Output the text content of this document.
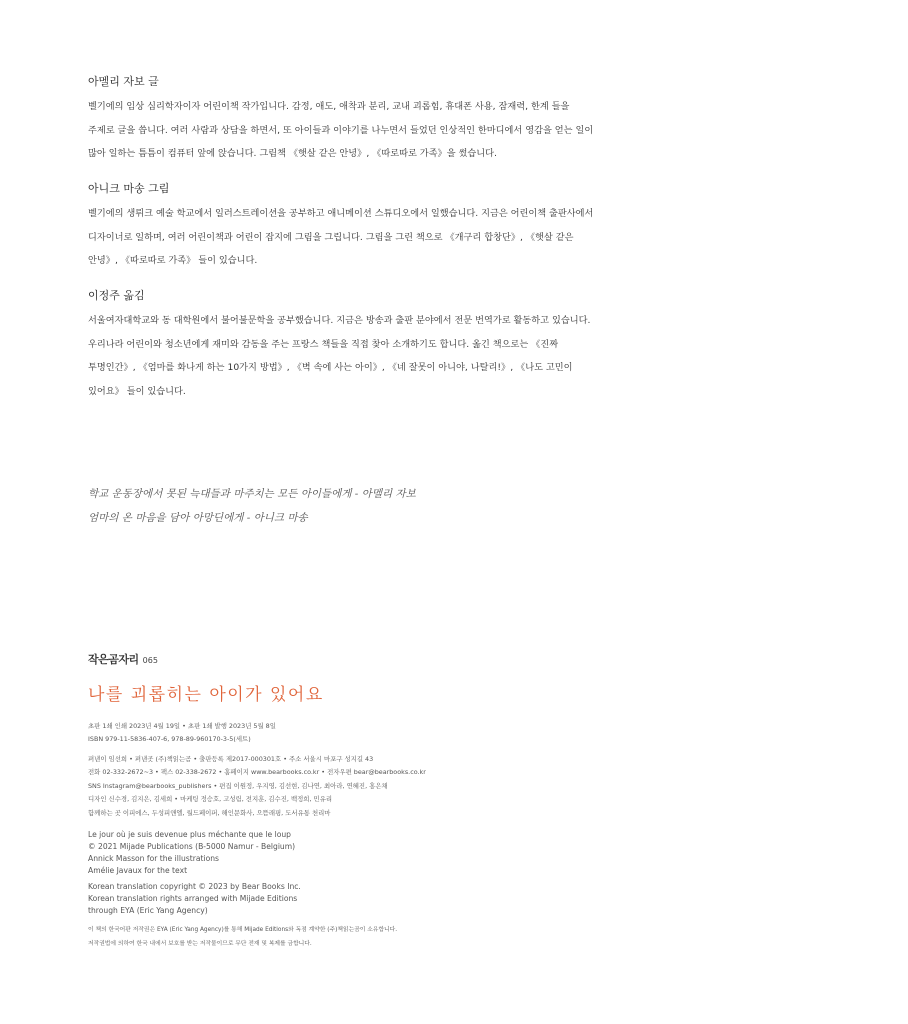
아멜리 자보 글

벨기에의 임상 심리학자이자 어린이책 작가입니다. 감정, 애도, 애착과 분리, 교내 괴롭힘, 휴대폰 사용, 잠재력, 한계 들을 주제로 글을 씁니다. 여러 사람과 상담을 하면서, 또 아이들과 이야기를 나누면서 들었던 인상적인 한마디에서 영감을 얻는 일이 많아 일하는 틈틈이 컴퓨터 앞에 앉습니다. 그림책 《햇살 같은 안녕》, 《따로따로 가족》을 썼습니다.

아니크 마송 그림

벨기에의 생뤼크 예술 학교에서 일러스트레이션을 공부하고 애니메이션 스튜디오에서 일했습니다. 지금은 어린이책 출판사에서 디자이너로 일하며, 여러 어린이책과 어린이 잡지에 그림을 그립니다. 그림을 그린 책으로 《개구리 합창단》, 《햇살 같은 안녕》, 《따로따로 가족》 들이 있습니다.

이정주 옮김

서울여자대학교와 동 대학원에서 불어불문학을 공부했습니다. 지금은 방송과 출판 분야에서 전문 번역가로 활동하고 있습니다. 우리나라 어린이와 청소년에게 재미와 감동을 주는 프랑스 책들을 직접 찾아 소개하기도 합니다. 옮긴 책으로는 《진짜 투명인간》, 《엄마를 화나게 하는 10가지 방법》, 《벽 속에 사는 아이》, 《네 잘못이 아니야, 나탈리!》, 《나도 고민이 있어요》 들이 있습니다.

학교 운동장에서 못된 늑대들과 마주치는 모든 아이들에게 - 아멜리 자보
엄마의 온 마음을 담아 아망딘에게 - 아니크 마송
작은곰자리 065
나를 괴롭히는 아이가 있어요
초판 1쇄 인쇄 2023년 4월 19일 • 초판 1쇄 발행 2023년 5월 8일
ISBN 979-11-5836-407-6, 978-89-960170-3-5(세트)
펴낸이 임선희 • 펴낸곳 (주)책읽는곰 • 출판등록 제2017-000301호 • 주소 서울시 마포구 성지길 43
전화 02-332-2672~3 • 팩스 02-338-2672 • 홈페이지 www.bearbooks.co.kr • 전자우편 bear@bearbooks.co.kr
SNS Instagram@bearbooks_publishers • 편집 이원정, 우지영, 김선현, 김나연, 최아라, 연혜진, 홍은채
디자인 신수경, 김지은, 김세희 • 마케팅 정승호, 고성림, 전지훈, 김수진, 백정희, 민유리
함께하는 곳 이피에스, 두성피앤엘, 월드페이퍼, 해인문화사, 으뜸래핑, 도서유통 천리마
Le jour où je suis devenue plus méchante que le loup
© 2021 Mijade Publications (B-5000 Namur - Belgium)
Annick Masson for the illustrations
Amélie Javaux for the text
Korean translation copyright © 2023 by Bear Books Inc.
Korean translation rights arranged with Mijade Editions
through EYA (Eric Yang Agency)
이 책의 한국어판 저작권은 EYA (Eric Yang Agency)를 통해 Mijade Editions와 독점 계약한 (주)책읽는곰이 소유합니다.
저작권법에 의하여 한국 내에서 보호를 받는 저작물이므로 무단 전재 및 복제를 금합니다.
